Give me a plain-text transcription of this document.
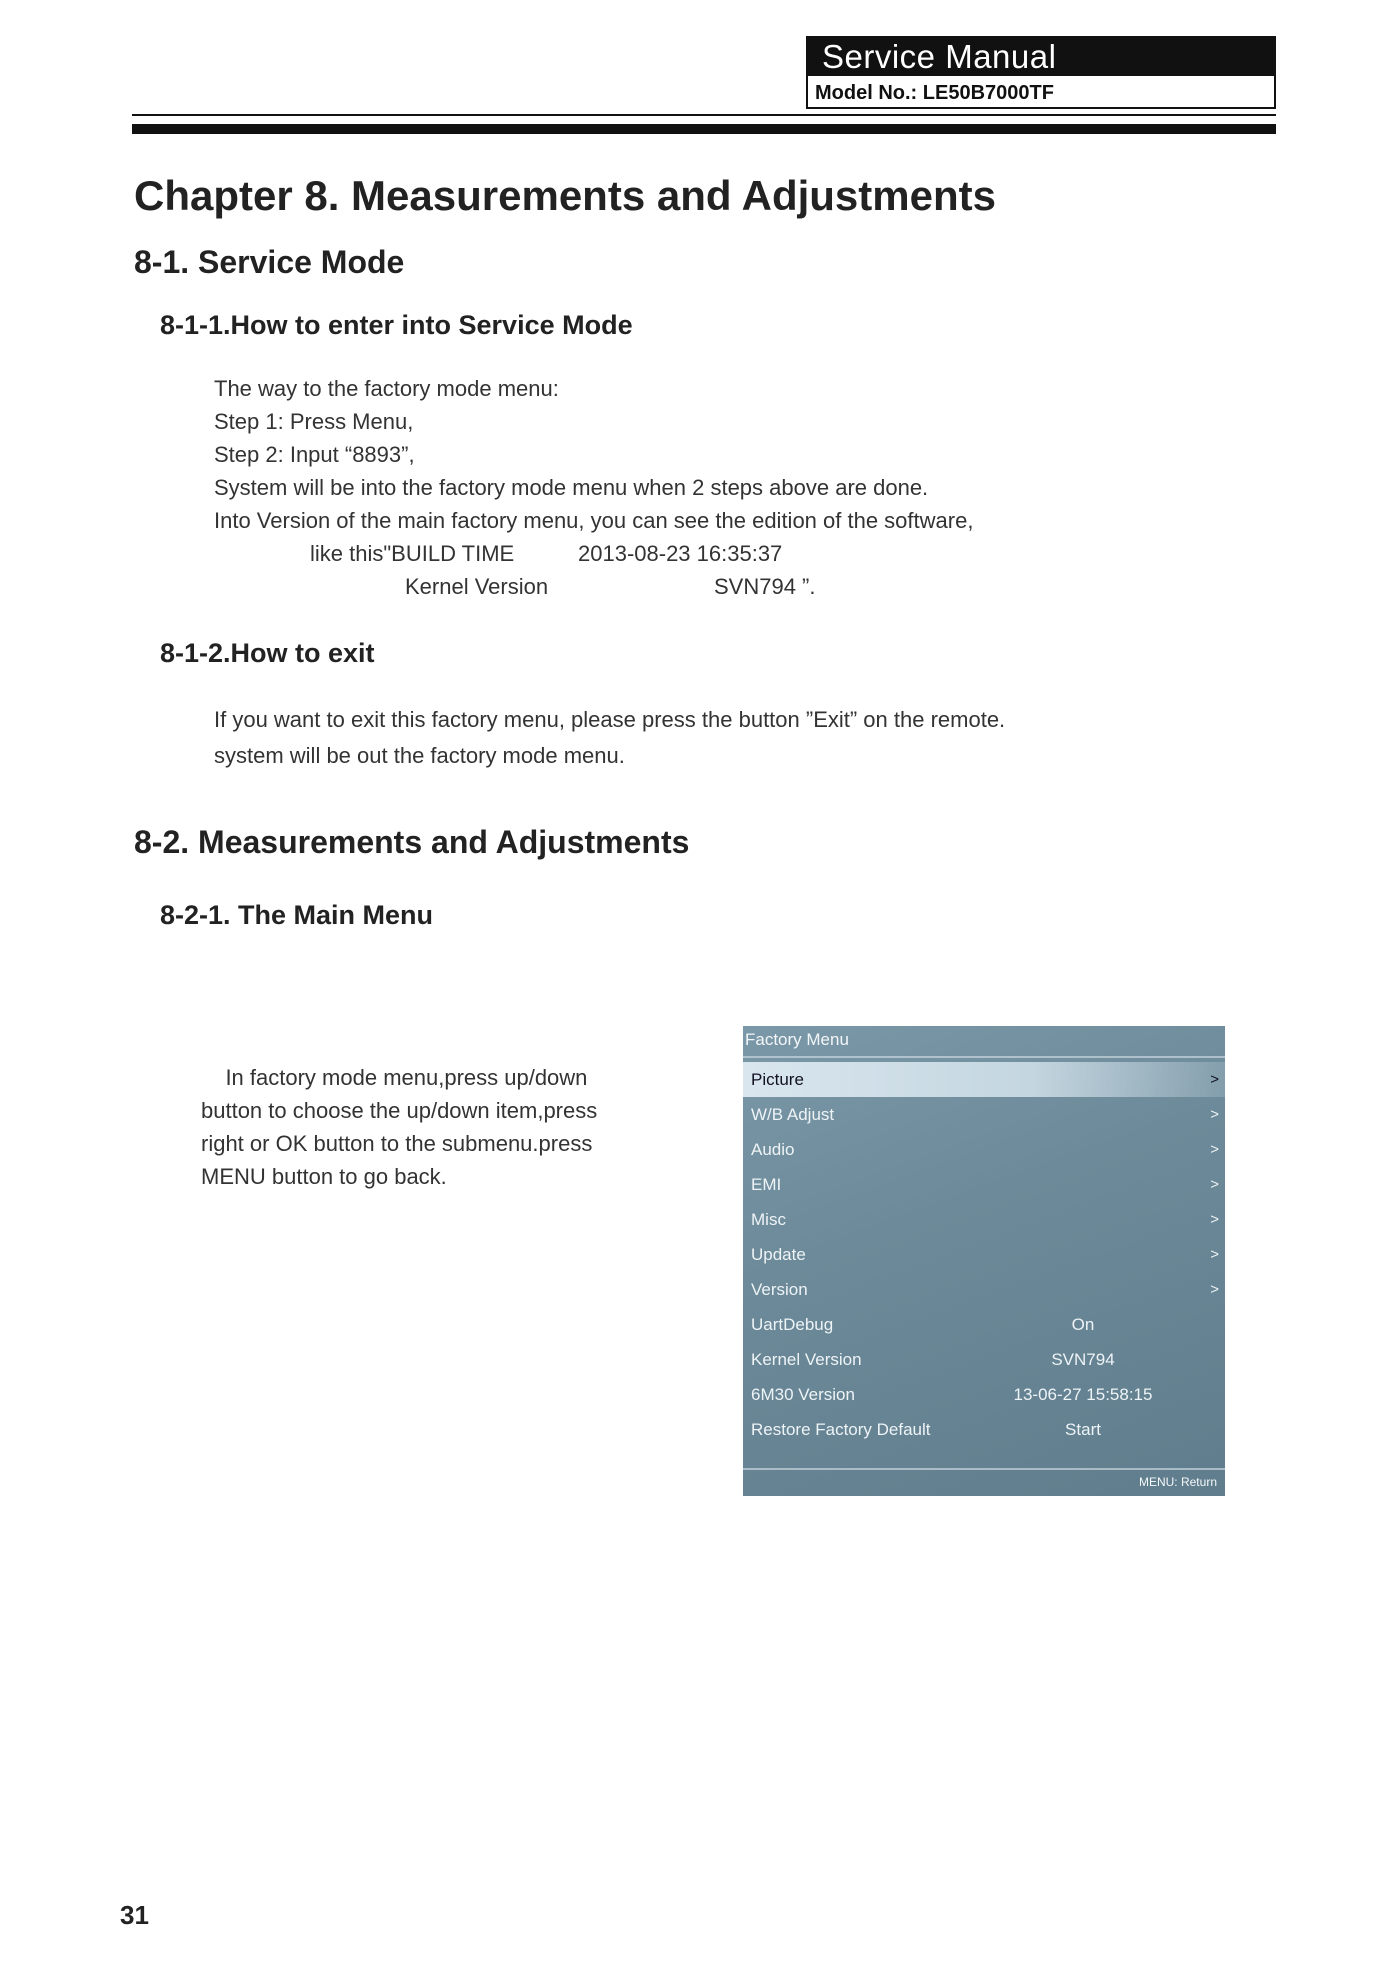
Service Manual
Model No.: LE50B7000TF
Chapter 8. Measurements and Adjustments
8-1. Service Mode
8-1-1.How to enter into Service Mode
The way to the factory mode menu:
Step 1: Press Menu,
Step 2: Input “8893”,
System will be into the factory mode menu when 2 steps above are done.
Into Version of the main factory menu, you can see the edition of the software,
like this"BUILD TIME	2013-08-23 16:35:37
Kernel Version	SVN794 ”.
8-1-2.How to exit
If you want to exit this factory menu, please press the button ”Exit” on the remote.
system will be out the factory mode menu.
8-2. Measurements and Adjustments
8-2-1. The Main Menu
In factory mode menu,press up/down
button to choose the up/down item,press
right or OK button to the submenu.press
MENU button to go back.
Factory Menu
Picture	>
W/B Adjust	>
Audio	>
EMI	>
Misc	>
Update	>
Version	>
UartDebug	On
Kernel Version	SVN794
6M30 Version	13-06-27 15:58:15
Restore Factory Default	Start
MENU: Return
31
